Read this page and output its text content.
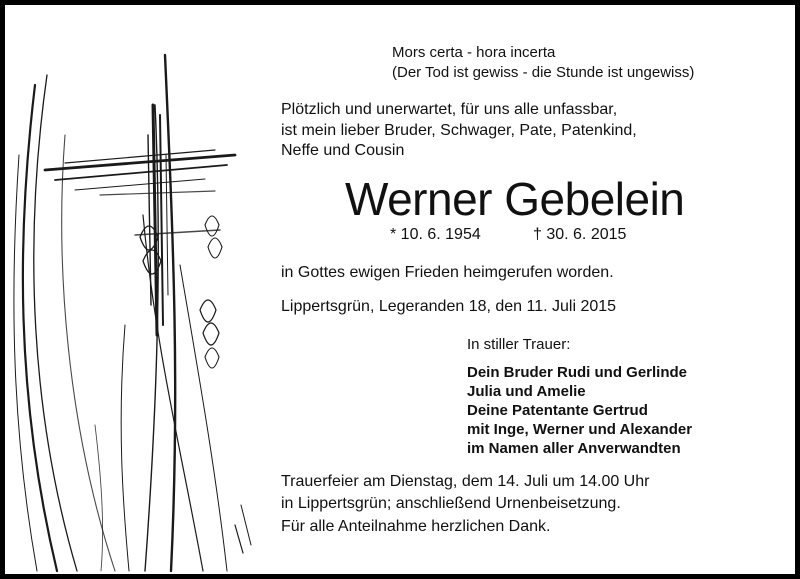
Mors certa - hora incerta
(Der Tod ist gewiss - die Stunde ist ungewiss)
Plötzlich und unerwartet, für uns alle unfassbar,
ist mein lieber Bruder, Schwager, Pate, Patenkind,
Neffe und Cousin
Werner Gebelein
* 10. 6. 1954	† 30. 6. 2015
in Gottes ewigen Frieden heimgerufen worden.
Lippertsgrün, Legeranden 18, den 11. Juli 2015
In stiller Trauer:
Dein Bruder Rudi und Gerlinde
Julia und Amelie
Deine Patentante Gertrud
mit Inge, Werner und Alexander
im Namen aller Anverwandten
Trauerfeier am Dienstag, dem 14. Juli um 14.00 Uhr
in Lippertsgrün; anschließend Urnenbeisetzung.
Für alle Anteilnahme herzlichen Dank.
